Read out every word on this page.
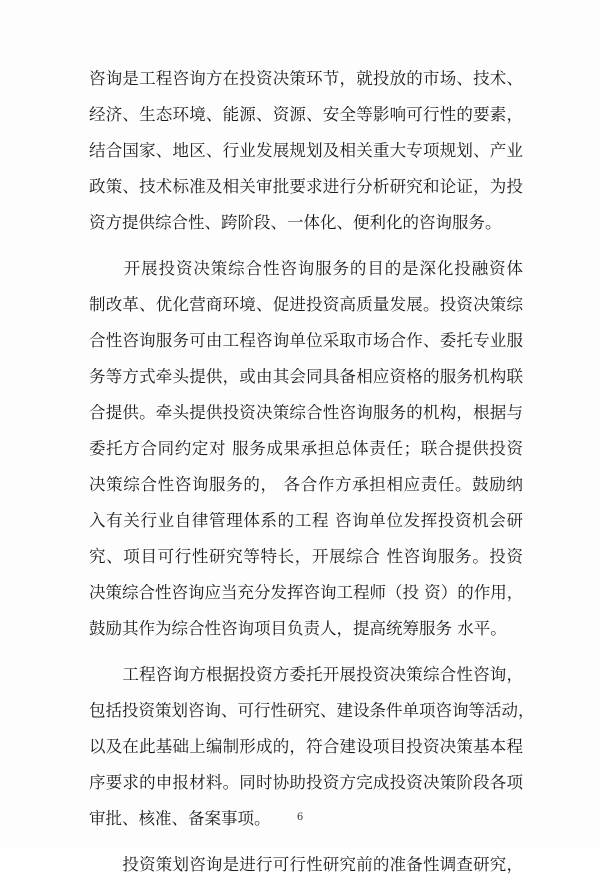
咨询是工程咨询方在投资决策环节，就投放的市场、技术、
经济、生态环境、能源、资源、安全等影响可行性的要素，
结合国家、地区、行业发展规划及相关重大专项规划、产业
政策、技术标准及相关审批要求进行分析研究和论证，为投
资方提供综合性、跨阶段、一体化、便利化的咨询服务。

　　开展投资决策综合性咨询服务的目的是深化投融资体
制改革、优化营商环境、促进投资高质量发展。投资决策综
合性咨询服务可由工程咨询单位采取市场合作、委托专业服
务等方式牵头提供，或由其会同具备相应资格的服务机构联
合提供。牵头提供投资决策综合性咨询服务的机构，根据与
委托方合同约定对 服务成果承担总体责任；联合提供投资
决策综合性咨询服务的， 各合作方承担相应责任。鼓励纳
入有关行业自律管理体系的工程 咨询单位发挥投资机会研
究、项目可行性研究等特长，开展综合 性咨询服务。投资
决策综合性咨询应当充分发挥咨询工程师（投 资）的作用，
鼓励其作为综合性咨询项目负责人，提高统筹服务 水平。

　　工程咨询方根据投资方委托开展投资决策综合性咨询，
包括投资策划咨询、可行性研究、建设条件单项咨询等活动，
以及在此基础上编制形成的，符合建设项目投资决策基本程
序要求的申报材料。同时协助投资方完成投资决策阶段各项
审批、核准、备案事项。

　　投资策划咨询是进行可行性研究前的准备性调查研究，

6
